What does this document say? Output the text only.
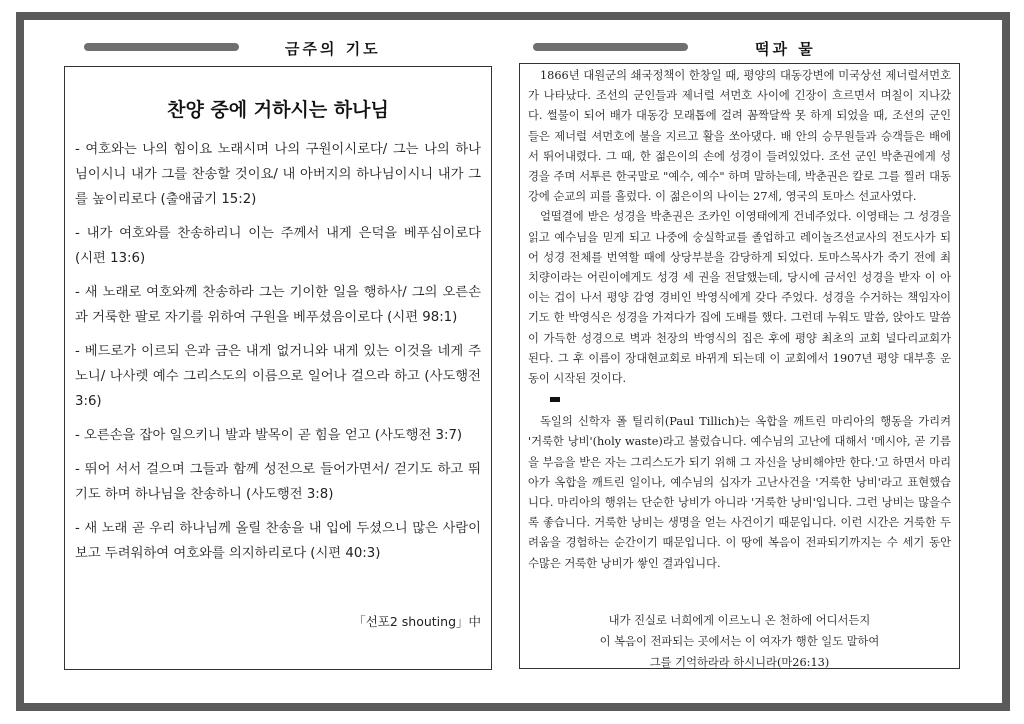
금주의 기도	떡과 물
찬양 중에 거하시는 하나님
- 여호와는 나의 힘이요 노래시며 나의 구원이시로다/ 그는 나의 하나님이시니 내가 그를 찬송할 것이요/ 내 아버지의 하나님이시니 내가 그를 높이리로다 (출애굽기 15:2)
- 내가 여호와를 찬송하리니 이는 주께서 내게 은덕을 베푸심이로다 (시편 13:6)
- 새 노래로 여호와께 찬송하라 그는 기이한 일을 행하사/ 그의 오른손과 거룩한 팔로 자기를 위하여 구원을 베푸셨음이로다 (시편 98:1)
- 베드로가 이르되 은과 금은 내게 없거니와 내게 있는 이것을 네게 주노니/ 나사렛 예수 그리스도의 이름으로 일어나 걸으라 하고 (사도행전 3:6)
- 오른손을 잡아 일으키니 발과 발목이 곧 힘을 얻고 (사도행전 3:7)
- 뛰어 서서 걸으며 그들과 함께 성전으로 들어가면서/ 걷기도 하고 뛰기도 하며 하나님을 찬송하니 (사도행전 3:8)
- 새 노래 곧 우리 하나님께 올릴 찬송을 내 입에 두셨으니 많은 사람이 보고 두려워하여 여호와를 의지하리로다 (시편 40:3)
「선포2 shouting」中

1866년 대원군의 쇄국정책이 한창일 때, 평양의 대동강변에 미국상선 제너럴셔먼호가 나타났다. 조선의 군인들과 제너럴 셔먼호 사이에 긴장이 흐르면서 며칠이 지나갔다. 썰물이 되어 배가 대동강 모래톱에 걸려 꼼짝달싹 못 하게 되었을 때, 조선의 군인들은 제너럴 셔먼호에 불을 지르고 활을 쏘아댔다. 배 안의 승무원들과 승객들은 배에서 뛰어내렸다. 그 때, 한 젊은이의 손에 성경이 들려있었다. 조선 군인 박춘권에게 성경을 주며 서투른 한국말로 "예수, 예수" 하며 말하는데, 박춘권은 칼로 그를 찔러 대동강에 순교의 피를 흘렀다. 이 젊은이의 나이는 27세, 영국의 토마스 선교사였다.

얼떨결에 받은 성경을 박춘권은 조카인 이영태에게 건네주었다. 이영태는 그 성경을 읽고 예수님을 믿게 되고 나중에 숭실학교를 졸업하고 레이놀즈선교사의 전도사가 되어 성경 전체를 번역할 때에 상당부분을 감당하게 되었다. 토마스목사가 죽기 전에 최치량이라는 어린이에게도 성경 세 권을 전달했는데, 당시에 금서인 성경을 받자 이 아이는 겁이 나서 평양 감영 경비인 박영식에게 갖다 주었다. 성경을 수거하는 책임자이기도 한 박영식은 성경을 가져다가 집에 도배를 했다. 그런데 누워도 말씀, 앉아도 말씀이 가득한 성경으로 벽과 천장의 박영식의 집은 후에 평양 최초의 교회 널다리교회가 된다. 그 후 이름이 장대현교회로 바뀌게 되는데 이 교회에서 1907년 평양 대부흥 운동이 시작된 것이다.

독일의 신학자 폴 틸리히(Paul Tillich)는 옥합을 깨트린 마리아의 행동을 가리켜 '거룩한 낭비'(holy waste)라고 불렀습니다. 예수님의 고난에 대해서 '메시야, 곧 기름을 부음을 받은 자는 그리스도가 되기 위해 그 자신을 낭비해야만 한다.'고 하면서 마리아가 옥합을 깨트린 일이나, 예수님의 십자가 고난사건을 '거룩한 낭비'라고 표현했습니다. 마리아의 행위는 단순한 낭비가 아니라 '거룩한 낭비'입니다. 그런 낭비는 많을수록 좋습니다. 거룩한 낭비는 생명을 얻는 사건이기 때문입니다. 이런 시간은 거룩한 두려움을 경험하는 순간이기 때문입니다. 이 땅에 복음이 전파되기까지는 수 세기 동안 수많은 거룩한 낭비가 쌓인 결과입니다.

내가 진실로 너희에게 이르노니 온 천하에 어디서든지
이 복음이 전파되는 곳에서는 이 여자가 행한 일도 말하여
그를 기억하라라 하시니라(마26:13)
